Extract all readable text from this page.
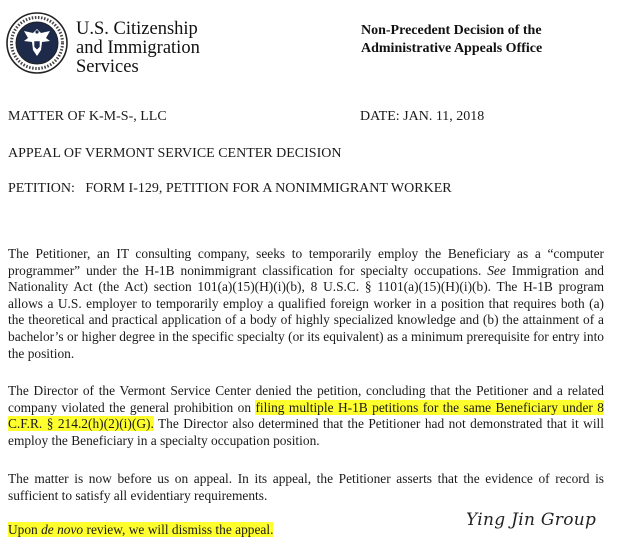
U.S. Citizenship
and Immigration
Services
Non-Precedent Decision of the
Administrative Appeals Office
MATTER OF K-M-S-, LLC	DATE: JAN. 11, 2018
APPEAL OF VERMONT SERVICE CENTER DECISION
PETITION:   FORM I-129, PETITION FOR A NONIMMIGRANT WORKER
The Petitioner, an IT consulting company, seeks to temporarily employ the Beneficiary as a “computer programmer” under the H-1B nonimmigrant classification for specialty occupations. See Immigration and Nationality Act (the Act) section 101(a)(15)(H)(i)(b), 8 U.S.C. § 1101(a)(15)(H)(i)(b). The H-1B program allows a U.S. employer to temporarily employ a qualified foreign worker in a position that requires both (a) the theoretical and practical application of a body of highly specialized knowledge and (b) the attainment of a bachelor’s or higher degree in the specific specialty (or its equivalent) as a minimum prerequisite for entry into the position.
The Director of the Vermont Service Center denied the petition, concluding that the Petitioner and a related company violated the general prohibition on filing multiple H-1B petitions for the same Beneficiary under 8 C.F.R. § 214.2(h)(2)(i)(G). The Director also determined that the Petitioner had not demonstrated that it will employ the Beneficiary in a specialty occupation position.
The matter is now before us on appeal. In its appeal, the Petitioner asserts that the evidence of record is sufficient to satisfy all evidentiary requirements.
Upon de novo review, we will dismiss the appeal.	Ying Jin Group
